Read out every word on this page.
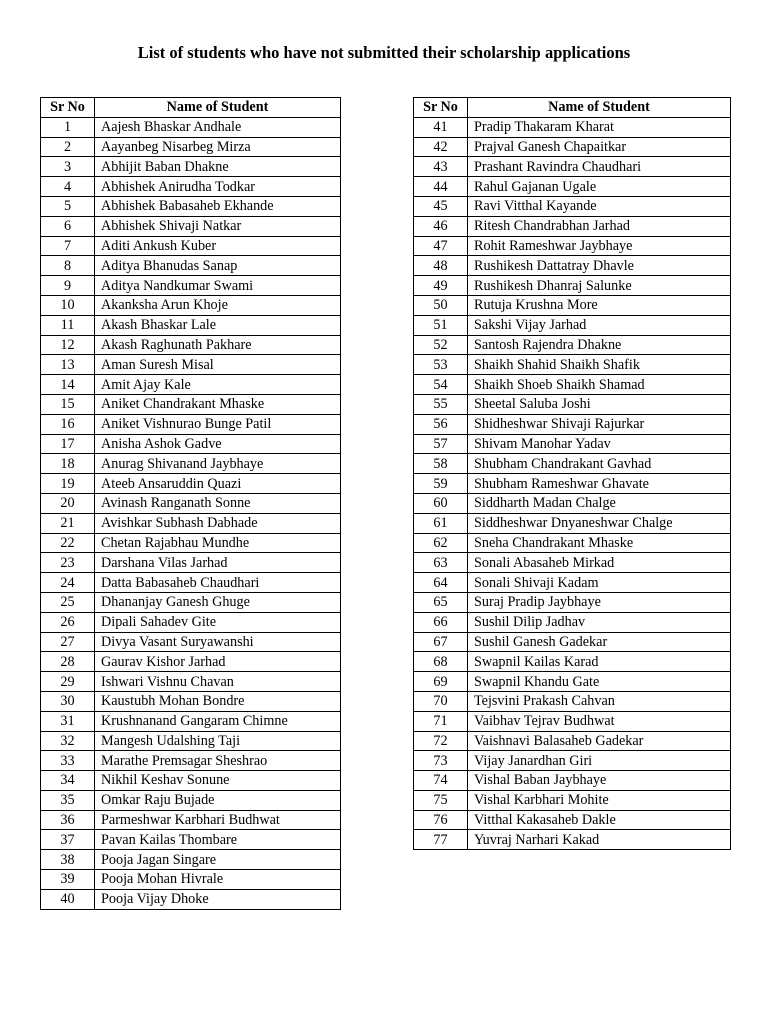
List of students who have not submitted their scholarship applications
Sr No	Name of Student
1	Aajesh Bhaskar Andhale
2	Aayanbeg Nisarbeg Mirza
3	Abhijit Baban Dhakne
4	Abhishek Anirudha Todkar
5	Abhishek Babasaheb Ekhande
6	Abhishek Shivaji Natkar
7	Aditi Ankush Kuber
8	Aditya Bhanudas Sanap
9	Aditya Nandkumar Swami
10	Akanksha Arun Khoje
11	Akash Bhaskar Lale
12	Akash Raghunath Pakhare
13	Aman Suresh Misal
14	Amit Ajay Kale
15	Aniket Chandrakant Mhaske
16	Aniket Vishnurao Bunge Patil
17	Anisha Ashok Gadve
18	Anurag Shivanand Jaybhaye
19	Ateeb Ansaruddin Quazi
20	Avinash Ranganath Sonne
21	Avishkar Subhash Dabhade
22	Chetan Rajabhau Mundhe
23	Darshana Vilas Jarhad
24	Datta Babasaheb Chaudhari
25	Dhananjay Ganesh Ghuge
26	Dipali Sahadev Gite
27	Divya Vasant Suryawanshi
28	Gaurav Kishor Jarhad
29	Ishwari Vishnu Chavan
30	Kaustubh Mohan Bondre
31	Krushnanand Gangaram Chimne
32	Mangesh Udalshing Taji
33	Marathe Premsagar Sheshrao
34	Nikhil Keshav Sonune
35	Omkar Raju Bujade
36	Parmeshwar Karbhari Budhwat
37	Pavan Kailas Thombare
38	Pooja Jagan Singare
39	Pooja Mohan Hivrale
40	Pooja Vijay Dhoke
Sr No	Name of Student
41	Pradip Thakaram Kharat
42	Prajval Ganesh Chapaitkar
43	Prashant Ravindra Chaudhari
44	Rahul Gajanan Ugale
45	Ravi Vitthal Kayande
46	Ritesh Chandrabhan Jarhad
47	Rohit Rameshwar Jaybhaye
48	Rushikesh Dattatray Dhavle
49	Rushikesh Dhanraj Salunke
50	Rutuja Krushna More
51	Sakshi Vijay Jarhad
52	Santosh Rajendra Dhakne
53	Shaikh Shahid Shaikh Shafik
54	Shaikh Shoeb Shaikh Shamad
55	Sheetal Saluba Joshi
56	Shidheshwar Shivaji Rajurkar
57	Shivam Manohar Yadav
58	Shubham Chandrakant Gavhad
59	Shubham Rameshwar Ghavate
60	Siddharth Madan Chalge
61	Siddheshwar Dnyaneshwar Chalge
62	Sneha Chandrakant Mhaske
63	Sonali Abasaheb Mirkad
64	Sonali Shivaji Kadam
65	Suraj Pradip Jaybhaye
66	Sushil Dilip Jadhav
67	Sushil Ganesh Gadekar
68	Swapnil Kailas Karad
69	Swapnil Khandu Gate
70	Tejsvini Prakash Cahvan
71	Vaibhav Tejrav Budhwat
72	Vaishnavi Balasaheb Gadekar
73	Vijay Janardhan Giri
74	Vishal Baban Jaybhaye
75	Vishal Karbhari Mohite
76	Vitthal Kakasaheb Dakle
77	Yuvraj Narhari Kakad
